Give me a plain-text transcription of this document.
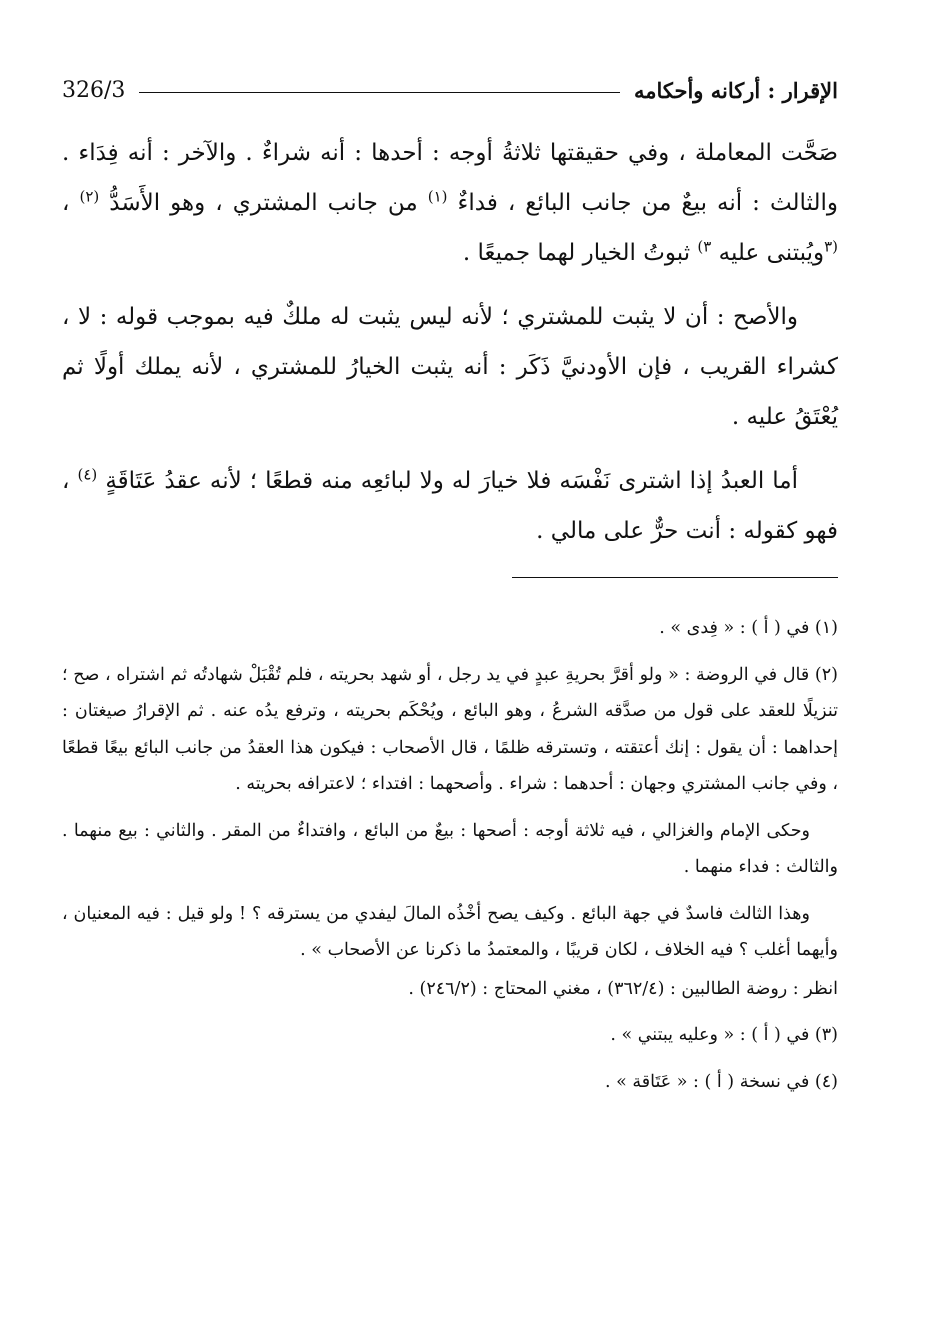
الإقرار : أركانه وأحكامه
326/3

صَحَّت المعاملة ، وفي حقيقتها ثلاثةُ أوجه : أحدها : أنه شراءٌ . والآخر : أنه فِدَاء . والثالث : أنه بيعٌ من جانب البائع ، فداءٌ $^{(١)}$ من جانب المشتري ، وهو الأَسَدُّ $^{(٢)}$ ، $^{(٣}$ويُبتنى عليه $^{٣)}$ ثبوتُ الخيار لهما جميعًا .

والأصح : أن لا يثبت للمشتري ؛ لأنه ليس يثبت له ملكٌ فيه بموجب قوله : لا ، كشراء القريب ، فإن الأودنيَّ ذَكَر : أنه يثبت الخيارُ للمشتري ، لأنه يملك أولًا ثم يُعْتَقُ عليه .

أما العبدُ إذا اشترى نَفْسَه فلا خيارَ له ولا لبائعِه منه قطعًا ؛ لأنه عقدُ عَتَاقَةٍ $^{(٤)}$ ، فهو كقوله : أنت حرٌّ على مالي .

(١) في ( أ ) : « فِدى » .

(٢) قال في الروضة : « ولو أقرَّ بحريةِ عبدٍ في يد رجل ، أو شهد بحريته ، فلم تُقْبَلْ شهادتُه ثم اشتراه ، صح ؛ تنزيلًا للعقد على قول من صدَّقه الشرعُ ، وهو البائع ، ويُحْكَم بحريته ، وترفع يدُه عنه . ثم الإقرارُ صيغتان : إحداهما : أن يقول : إنك أعتقته ، وتسترقه ظلمًا ، قال الأصحاب : فيكون هذا العقدُ من جانب البائع بيعًا قطعًا ، وفي جانب المشتري وجهان : أحدهما : شراء . وأصحهما : افتداء ؛ لاعترافه بحريته .

وحكى الإمام والغزالي ، فيه ثلاثة أوجه : أصحها : بيعٌ من البائع ، وافتداءٌ من المقر . والثاني : بيع منهما . والثالث : فداء منهما .

وهذا الثالث فاسدٌ في جهة البائع . وكيف يصح أخْذُه المالَ ليفدي من يسترقه ؟ ! ولو قيل : فيه المعنيان ، وأيهما أغلب ؟ فيه الخلاف ، لكان قريبًا ، والمعتمدُ ما ذكرنا عن الأصحاب » .

انظر : روضة الطالبين : (٣٦٢/٤) ، مغني المحتاج : (٢٤٦/٢) .

(٣) في ( أ ) : « وعليه يبتني » .

(٤) في نسخة ( أ ) : « عَتَاقة » .
